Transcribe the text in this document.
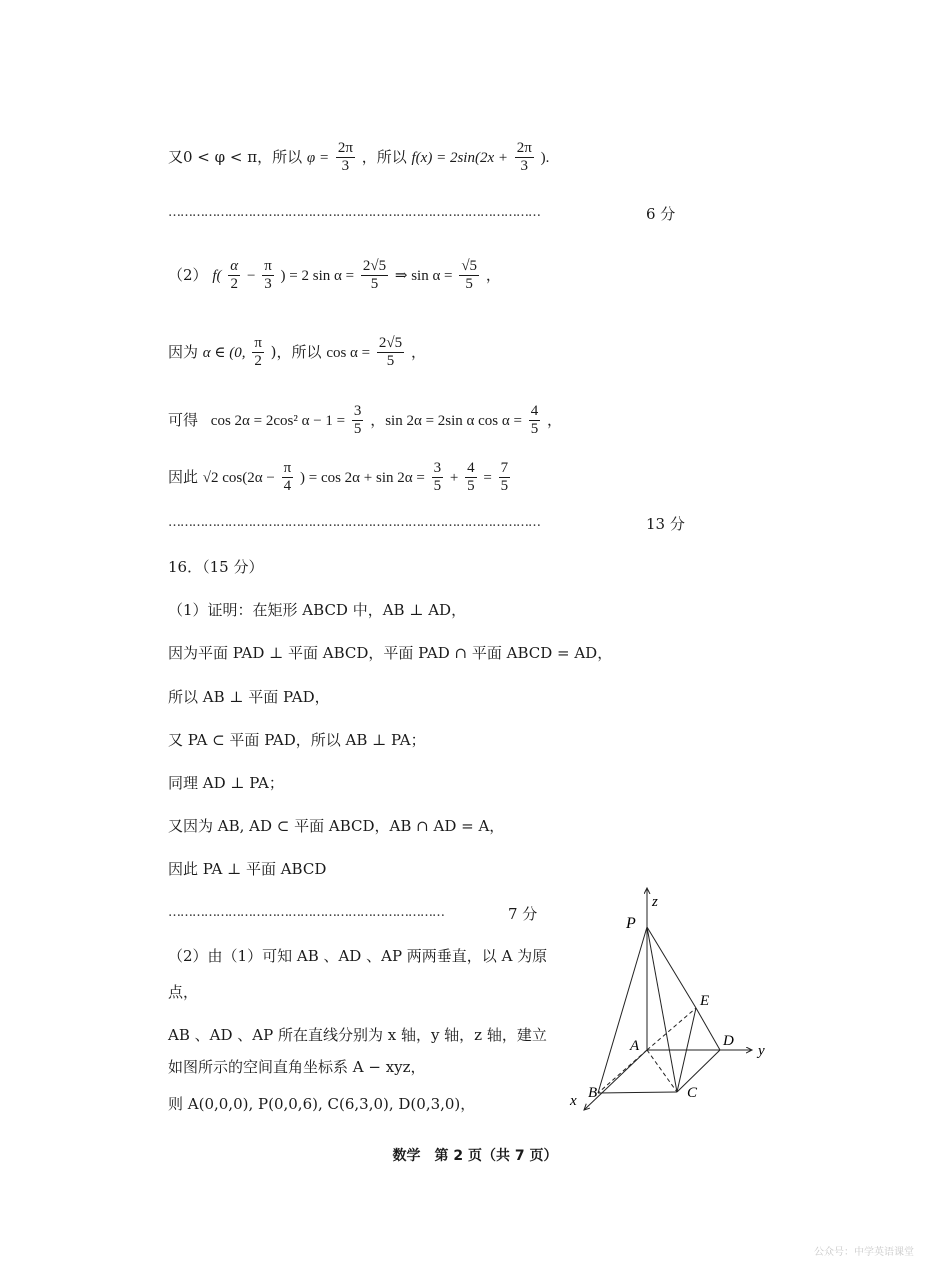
又0 < φ < π，所以 $\varphi = \frac{2\pi}{3}$ ，所以 $f(x) = 2\sin(2x + \frac{2\pi}{3}$ ).
…………………………………………………………………………………	6 分
（2） $f( \frac{\alpha}{2} - \frac{\pi}{3}$ ) = 2 $\sin \alpha = \frac{2√5}{5}$ ⇒ $\sin \alpha = \frac{√5}{5}$ ，
因为 α ∈ (0, $\frac{\pi}{2}$ )，所以 $\cos \alpha = \frac{2√5}{5}$ ，
可得 cos 2α = 2cos² $\alpha - 1 = \frac{3}{5}$ ，sin 2α = 2sin α $\cos \alpha = \frac{4}{5}$ ，
因此 √2 $\cos(2\alpha - \frac{\pi}{4}$ ) = $\cos 2\alpha + \sin 2\alpha = \frac{3}{5} + \frac{4}{5} = \frac{7}{5}$
…………………………………………………………………………………	13 分
16．（15 分）
（1）证明：在矩形 ABCD 中，AB ⊥ AD，
因为平面 PAD ⊥ 平面 ABCD，平面 PAD ∩ 平面 ABCD = AD，
所以 AB ⊥ 平面 PAD，
又 PA ⊂ 平面 PAD，所以 AB ⊥ PA；
同理 AD ⊥ PA；
又因为 AB, AD ⊂ 平面 ABCD，AB ∩ AD = A，
因此 PA ⊥ 平面 ABCD
……………………………………………………………	7 分
（2）由（1）可知 AB 、AD 、AP 两两垂直，以 A 为原
点，
AB 、AD 、AP 所在直线分别为 x 轴，y 轴，z 轴，建立
如图所示的空间直角坐标系 A − xyz，
则 A(0,0,0), P(0,0,6), C(6,3,0), D(0,3,0)，
P
z
E
A	D
y
x B	C
数学　第 2 页（共 7 页）
公众号：中学英语课堂
